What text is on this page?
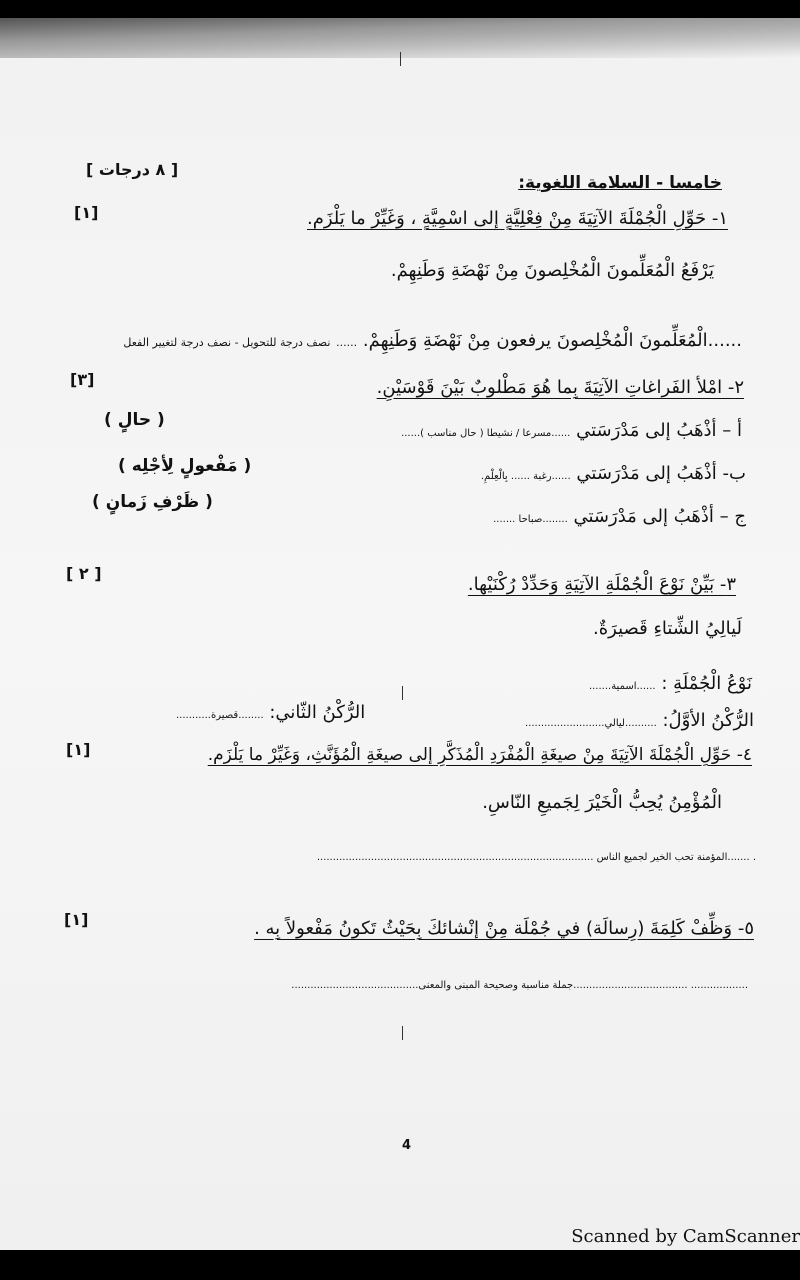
خامسا - السلامة اللغوية:
[ ٨ درجات ]
[١]	١- حَوِّلِ الْجُمْلَةَ الآتِيَةَ مِنْ فِعْلِيَّةٍ إلى اسْمِيَّةٍ ، وَغَيِّرْ ما يَلْزَم.
يَرْفَعُ الْمُعَلِّمونَ الْمُخْلِصونَ مِنْ نَهْضَةِ وَطَنِهِمْ.
......الْمُعَلِّمونَ الْمُخْلِصونَ يرفعون مِنْ نَهْضَةِ وَطَنِهِمْ. ...... نصف درجة للتحويل - نصف درجة لتغيير الفعل
[٣]	٢- امْلأ الفَراغاتِ الآتِيَةَ بِما هُوَ مَطْلوبٌ بَيْنَ قَوْسَيْنِ.
أ – أذْهَبُ إلى مَدْرَسَتي ......مسرعا / نشيطا ( حال مناسب )......
( حالٍ )
ب- أذْهَبُ إلى مَدْرَسَتي ......رغبة ...... بِالْعِلْمِ.
( مَفْعولٍ لِأجْلِه )
ج – أذْهَبُ إلى مَدْرَسَتي ........صباحا .......
( ظَرْفِ زَمانٍ )
[ ٢ ]
٣- بَيِّنْ نَوْعَ الْجُمْلَةِ الآتِيَةِ وَحَدِّدْ رُكْنَيْها.
لَيالِيُ الشِّتاءِ قَصيرَةٌ.
نَوْعُ الْجُمْلَةِ : ......اسمية.......
الرُّكْنُ الأوَّلُ: ..........ليالي.........................
الرُّكْنُ الثّاني: ........قصيرة...........
[١]	٤- حَوِّلِ الْجُمْلَةَ الآتِيَةَ مِنْ صيغَةِ الْمُفْرَدِ الْمُذَكَّرِ إلى صيغَةِ الْمُؤَنَّثِ، وَغَيِّرْ ما يَلْزَم.
الْمُؤْمِنُ يُحِبُّ الْخَيْرَ لِجَميعِ النّاسِ.
. .......المؤمنة تحب الخير لجميع الناس .......................................................................................
[١]	٥- وَظِّفْ كَلِمَةَ (رِسالَة) في جُمْلَة مِنْ إنْشائكَ بِحَيْثُ تَكونُ مَفْعولاً بِه .
.................. ....................................جملة مناسبة وصحيحة المبنى والمعنى........................................
4
Scanned by CamScanner
